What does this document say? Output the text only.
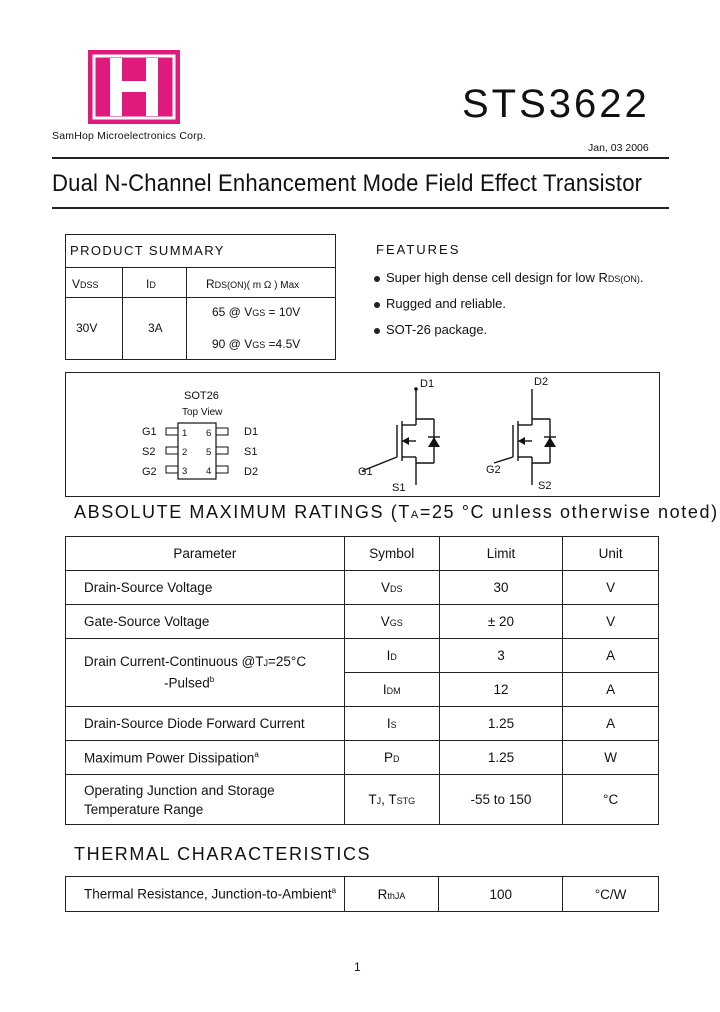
SamHop Microelectronics Corp.
STS3622
Jan, 03 2006
Dual N-Channel Enhancement Mode Field Effect Transistor
PRODUCT SUMMARY
VDSS	ID	RDS(ON)( m Ω ) Max
30V	3A
65 @ VGS = 10V
90 @ VGS =4.5V
FEATURES
Super high dense cell design for low RDS(ON).
Rugged and reliable.
SOT-26 package.
SOT26
Top View
G1
S2
G2
1
2
3
6
5
4
D1
S1
D2
D1
G1
S1
D2
G2
S2
ABSOLUTE MAXIMUM RATINGS (TA=25 °C unless otherwise noted)
Parameter	Symbol	Limit	Unit
Drain-Source Voltage	VDS	30	V
Gate-Source Voltage	VGS	± 20	V

Drain Current-Continuous @TJ=25°C
-Pulsed$^b$	ID	3	A
	IDM	12	A
Drain-Source Diode Forward Current	IS	1.25	A
Maximum Power Dissipation$^a$	PD	1.25	W

Operating Junction and Storage
Temperature Range	TJ, TSTG	-55 to 150	°C
THERMAL CHARACTERISTICS
Thermal Resistance, Junction-to-Ambient$^a$	RthJA	100	°C/W
1
